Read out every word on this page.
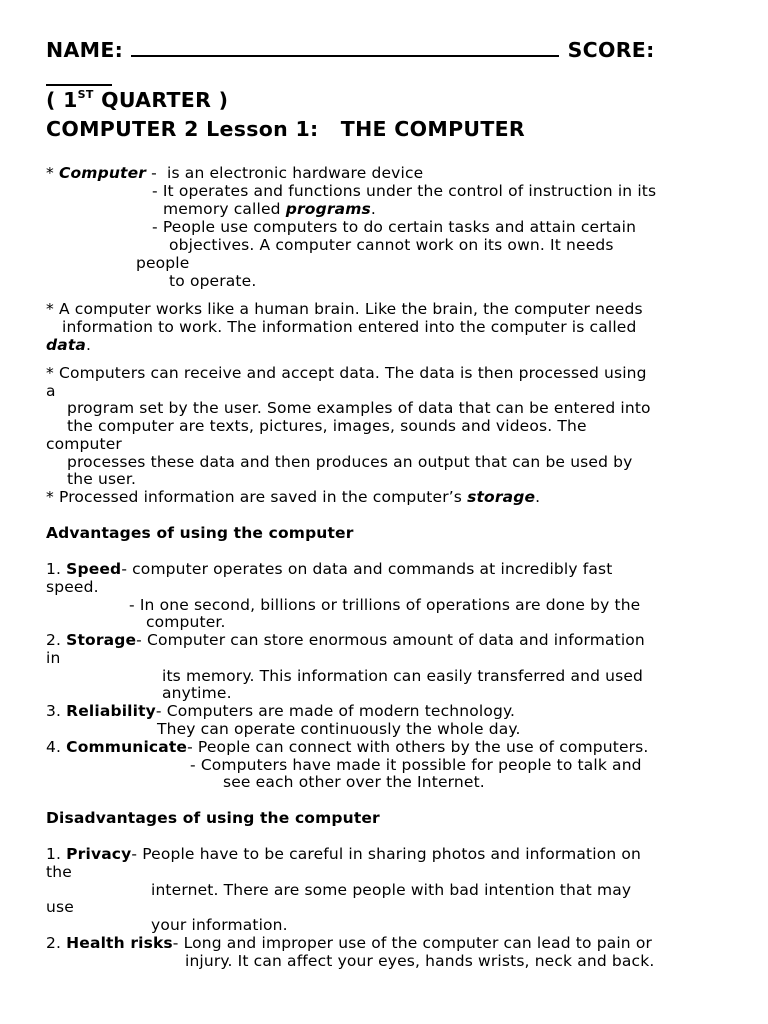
NAME:	SCORE:
( 1ST QUARTER )
COMPUTER 2 Lesson 1:   THE COMPUTER
* Computer -  is an electronic hardware device
- It operates and functions under the control of instruction in its
memory called programs.
- People use computers to do certain tasks and attain certain
objectives. A computer cannot work on its own. It needs
people
to operate.
* A computer works like a human brain. Like the brain, the computer needs
information to work. The information entered into the computer is called
data.
* Computers can receive and accept data. The data is then processed using
a
program set by the user. Some examples of data that can be entered into
the computer are texts, pictures, images, sounds and videos. The
computer
processes these data and then produces an output that can be used by
the user.
* Processed information are saved in the computer’s storage.
Advantages of using the computer
1. Speed- computer operates on data and commands at incredibly fast
speed.
- In one second, billions or trillions of operations are done by the
computer.
2. Storage- Computer can store enormous amount of data and information
in
its memory. This information can easily transferred and used
anytime.
3. Reliability- Computers are made of modern technology.
They can operate continuously the whole day.
4. Communicate- People can connect with others by the use of computers.
- Computers have made it possible for people to talk and
see each other over the Internet.
Disadvantages of using the computer
1. Privacy- People have to be careful in sharing photos and information on
the
internet. There are some people with bad intention that may
use
your information.
2. Health risks- Long and improper use of the computer can lead to pain or
injury. It can affect your eyes, hands wrists, neck and back.
